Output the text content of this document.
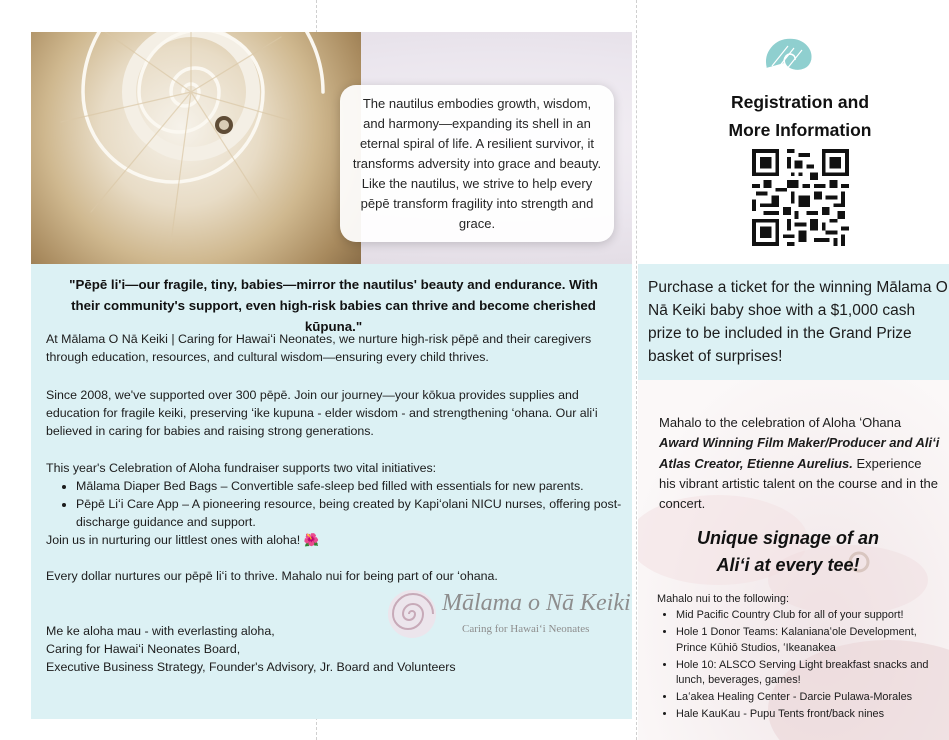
The nautilus embodies growth, wisdom, and harmony—expanding its shell in an eternal spiral of life. A resilient survivor, it transforms adversity into grace and beauty. Like the nautilus, we strive to help every pēpē transform fragility into strength and grace.
"Pēpē li'i—our fragile, tiny, babies—mirror the nautilus' beauty and endurance. With their community's support, even high-risk babies can thrive and become cherished kūpuna."
At Mālama O Nā Keiki | Caring for Hawaiʻi Neonates, we nurture high-risk pēpē and their caregivers through education, resources, and cultural wisdom—ensuring every child thrives.
Since 2008, we've supported over 300 pēpē. Join our journey—your kōkua provides supplies and education for fragile keiki, preserving ʻike kupuna - elder wisdom - and strengthening ʻohana. Our aliʻi believed in caring for babies and raising strong generations.
This year's Celebration of Aloha fundraiser supports two vital initiatives:
• Mālama Diaper Bed Bags – Convertible safe-sleep bed filled with essentials for new parents.
• Pēpē Liʻi Care App – A pioneering resource, being created by Kapiʻolani NICU nurses, offering post-discharge guidance and support.
Join us in nurturing our littlest ones with aloha! 🌺
Every dollar nurtures our pēpē liʻi to thrive. Mahalo nui for being part of our ʻohana.
Mālama o Nā Keiki
Caring for Hawaiʻi Neonates
Me ke aloha mau - with everlasting aloha,
Caring for Hawaiʻi Neonates Board,
Executive Business Strategy, Founder's Advisory, Jr. Board and Volunteers
Registration and
More Information
Purchase a ticket for the winning Mālama O Nā Keiki baby shoe with a $1,000 cash prize to be included in the Grand Prize basket of surprises!
Mahalo to the celebration of Aloha ʻOhana
Award Winning Film Maker/Producer and Aliʻi Atlas Creator, Etienne Aurelius. Experience his vibrant artistic talent on the course and in the concert.
Unique signage of an
Aliʻi at every tee!
Mahalo nui to the following:
• Mid Pacific Country Club for all of your support!
• Hole 1 Donor Teams: Kalanianaʻole Development, Prince Kūhiō Studios, ʻIkeanakea
• Hole 10: ALSCO Serving Light breakfast snacks and lunch, beverages, games!
• Laʻakea Healing Center - Darcie Pulawa-Morales
• Hale KauKau - Pupu Tents front/back nines
